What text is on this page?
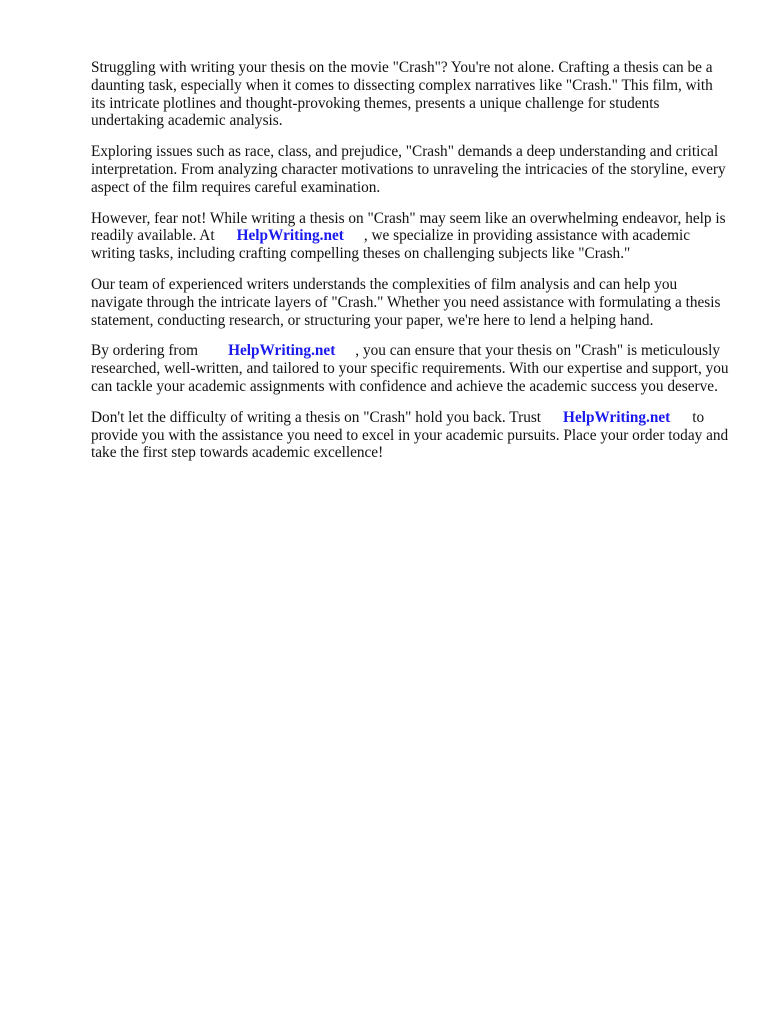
Struggling with writing your thesis on the movie "Crash"? You're not alone. Crafting a thesis can be a daunting task, especially when it comes to dissecting complex narratives like "Crash." This film, with its intricate plotlines and thought-provoking themes, presents a unique challenge for students undertaking academic analysis.

Exploring issues such as race, class, and prejudice, "Crash" demands a deep understanding and critical interpretation. From analyzing character motivations to unraveling the intricacies of the storyline, every aspect of the film requires careful examination.

However, fear not! While writing a thesis on "Crash" may seem like an overwhelming endeavor, help is readily available. At HelpWriting.net , we specialize in providing assistance with academic writing tasks, including crafting compelling theses on challenging subjects like "Crash."

Our team of experienced writers understands the complexities of film analysis and can help you navigate through the intricate layers of "Crash." Whether you need assistance with formulating a thesis statement, conducting research, or structuring your paper, we're here to lend a helping hand.

By ordering from HelpWriting.net , you can ensure that your thesis on "Crash" is meticulously researched, well-written, and tailored to your specific requirements. With our expertise and support, you can tackle your academic assignments with confidence and achieve the academic success you deserve.

Don't let the difficulty of writing a thesis on "Crash" hold you back. Trust HelpWriting.net to provide you with the assistance you need to excel in your academic pursuits. Place your order today and take the first step towards academic excellence!
